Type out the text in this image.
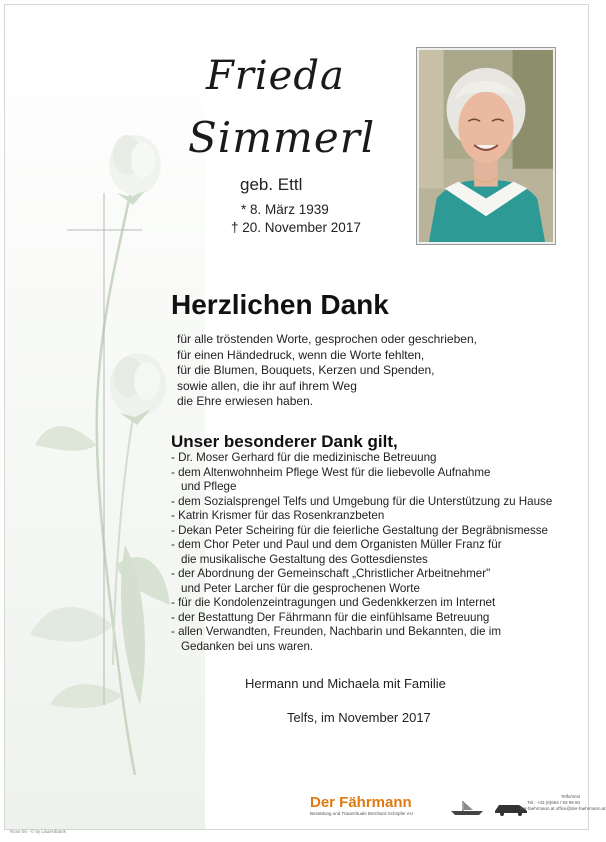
Frieda
Simmerl
geb. Ettl
* 8. März 1939
† 20. November 2017
Herzlichen Dank
für alle tröstenden Worte, gesprochen oder geschrieben,
für einen Händedruck, wenn die Worte fehlten,
für die Blumen, Bouquets, Kerzen und Spenden,
sowie allen, die ihr auf ihrem Weg
die Ehre erwiesen haben.
Unser besonderer Dank gilt,
- Dr. Moser Gerhard für die medizinische Betreuung
- dem Altenwohnheim Pflege West für die liebevolle Aufnahme
und Pflege
- dem Sozialsprengel Telfs und Umgebung für die Unterstützung zu Hause
- Katrin Krismer für das Rosenkranzbeten
- Dekan Peter Scheiring für die feierliche Gestaltung der Begräbnismesse
- dem Chor Peter und Paul und dem Organisten Müller Franz für
die musikalische Gestaltung des Gottesdienstes
- der Abordnung der Gemeinschaft „Christlicher Arbeitnehmer"
und Peter Larcher für die gesprochenen Worte
- für die Kondolenzeintragungen und Gedenkkerzen im Internet
- der Bestattung Der Fährmann für die einfühlsame Betreuung
- allen Verwandten, Freunden, Nachbarin und Bekannten, die im
Gedanken bei uns waren.
Hermann und Michaela mit Familie
Telfs, im November 2017
Der Fährmann
Bestattung und Trauerrituale Bernhard Schöpfer eU
Telfs/Imst
Tel.: +43 (0)664 / 93 99 60
der-faehrmann.at office@der-faehrmann.at
Rose 05 - © by Lisa/Albatrik
